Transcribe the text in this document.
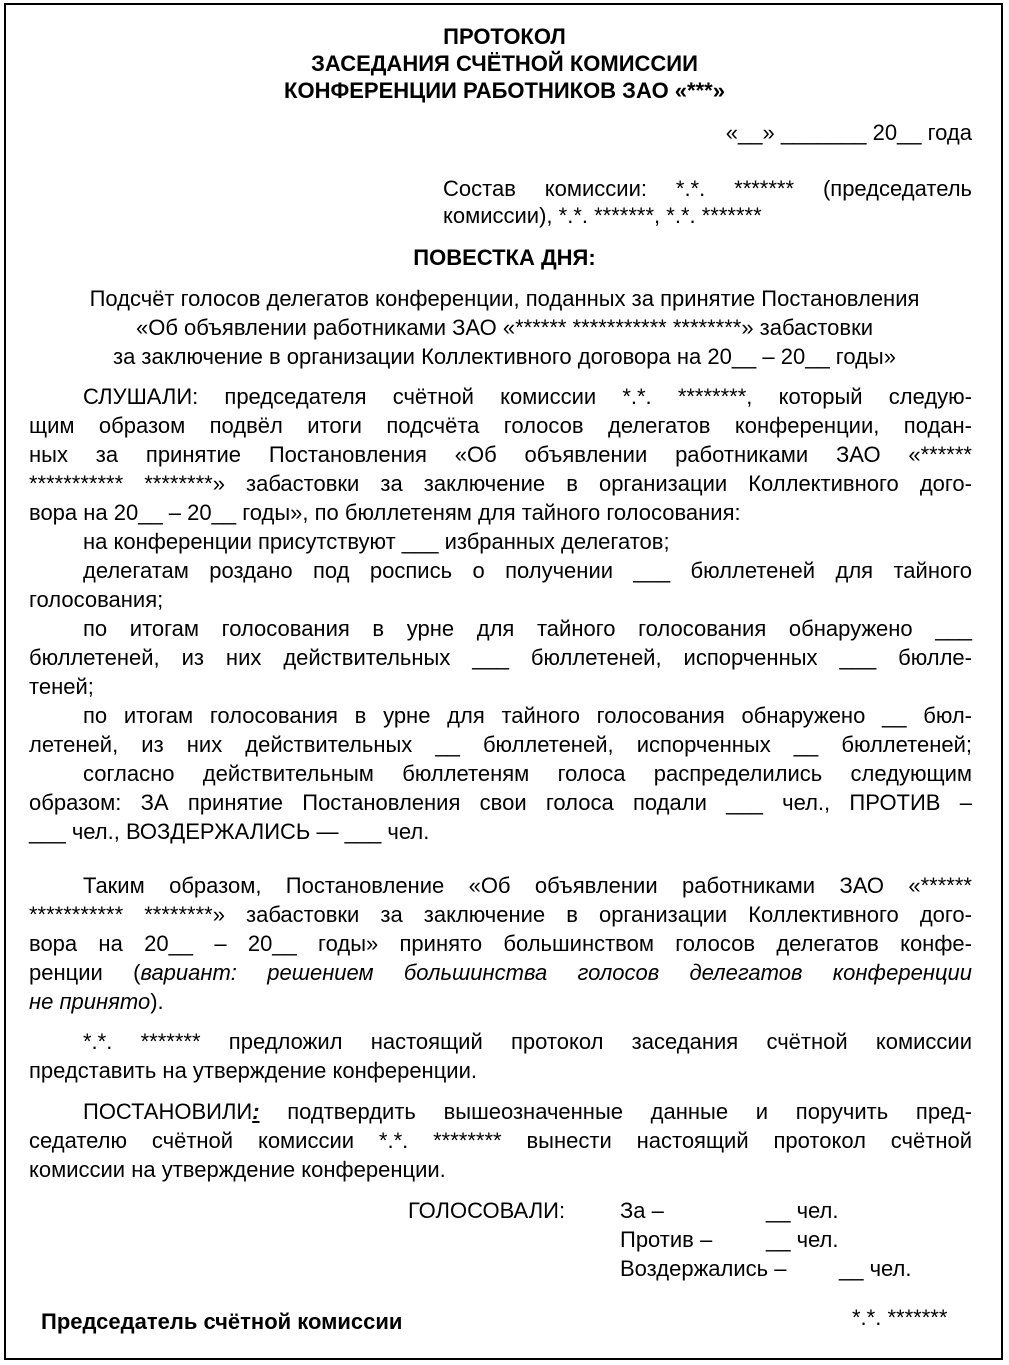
ПРОТОКОЛ
ЗАСЕДАНИЯ СЧЁТНОЙ КОМИССИИ
КОНФЕРЕНЦИИ РАБОТНИКОВ ЗАО «***»
«__» _______ 20__ года
Состав комиссии: *.*. ******* (председатель
комиссии), *.*. *******, *.*. *******
ПОВЕСТКА ДНЯ:
Подсчёт голосов делегатов конференции, поданных за принятие Постановления
«Об объявлении работниками ЗАО «****** *********** ********» забастовки
за заключение в организации Коллективного договора на 20__ – 20__ годы»
СЛУШАЛИ: председателя счётной комиссии *.*. ********, который следую-
щим образом подвёл итоги подсчёта голосов делегатов конференции, подан-
ных за принятие Постановления «Об объявлении работниками ЗАО «******
*********** ********» забастовки за заключение в организации Коллективного дого-
вора на 20__ – 20__ годы», по бюллетеням для тайного голосования:
на конференции присутствуют ___ избранных делегатов;
делегатам роздано под роспись о получении ___ бюллетеней для тайного
голосования;
по итогам голосования в урне для тайного голосования обнаружено ___
бюллетеней, из них действительных ___ бюллетеней, испорченных ___ бюлле-
теней;
по итогам голосования в урне для тайного голосования обнаружено __ бюл-
летеней, из них действительных __ бюллетеней, испорченных __ бюллетеней;
согласно действительным бюллетеням голоса распределились следующим
образом: ЗА принятие Постановления свои голоса подали ___ чел., ПРОТИВ –
___ чел., ВОЗДЕРЖАЛИСЬ — ___ чел.
Таким образом, Постановление «Об объявлении работниками ЗАО «******
*********** ********» забастовки за заключение в организации Коллективного дого-
вора на 20__ – 20__ годы» принято большинством голосов делегатов конфе-
ренции (вариант: решением большинства голосов делегатов конференции
не принято).
*.*. ******* предложил настоящий протокол заседания счётной комиссии
представить на утверждение конференции.
ПОСТАНОВИЛИ: подтвердить вышеозначенные данные и поручить пред-
седателю счётной комиссии *.*. ******** вынести настоящий протокол счётной
комиссии на утверждение конференции.
ГОЛОСОВАЛИ: За –	__ чел.
Против – __ чел.
Воздержались – __ чел.
Председатель счётной комиссии	*.*. *******
